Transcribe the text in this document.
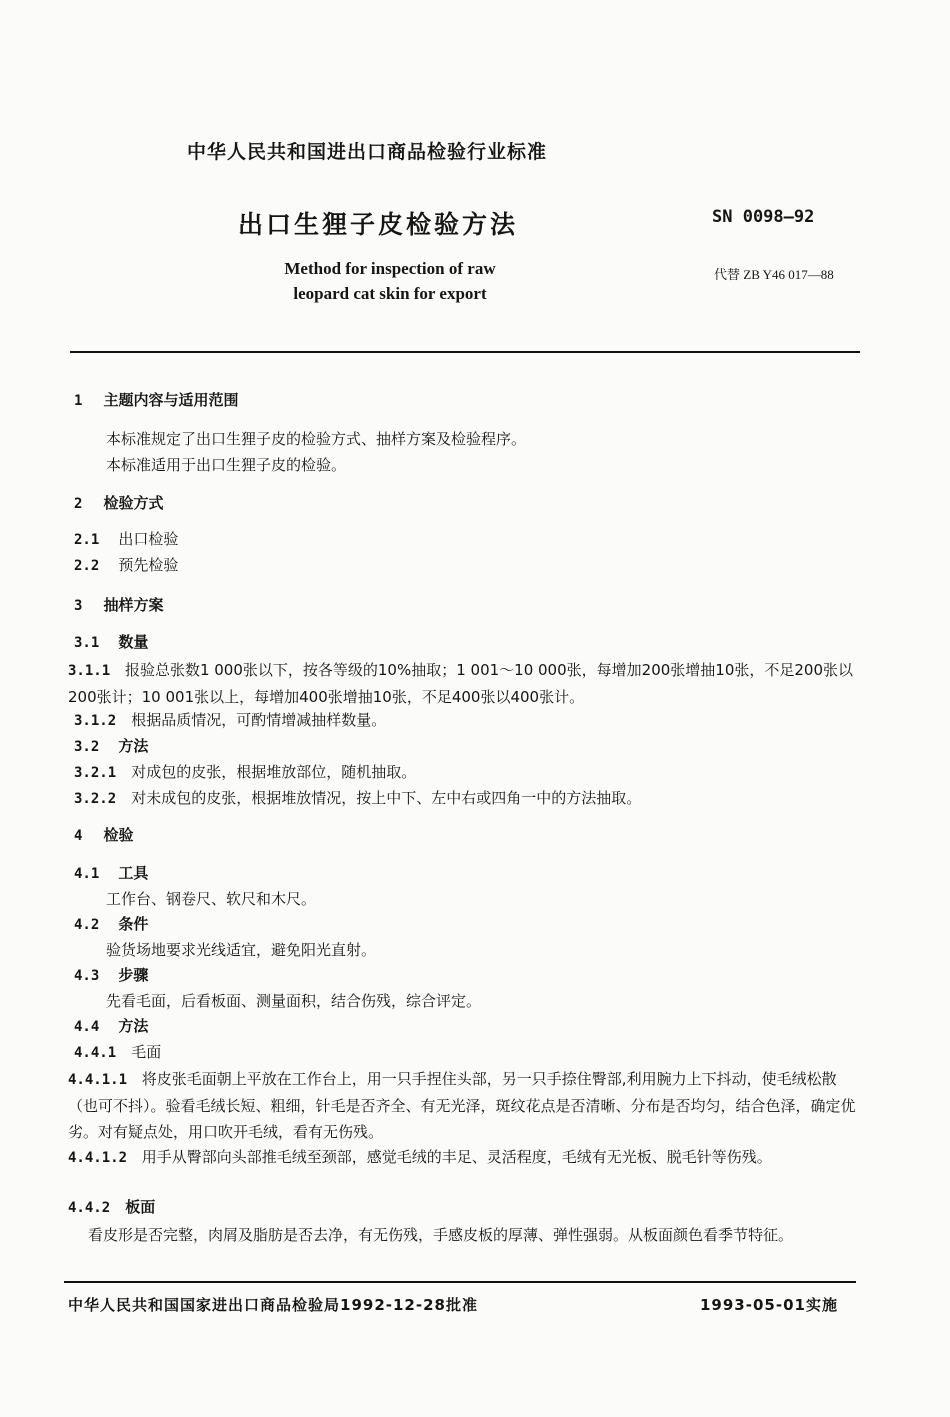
中华人民共和国进出口商品检验行业标准
出口生狸子皮检验方法	SN 0098—92
Method for inspection of raw
leopard cat skin for export
代替 ZB Y46 017—88
1 主题内容与适用范围
本标准规定了出口生狸子皮的检验方式、抽样方案及检验程序。
本标准适用于出口生狸子皮的检验。
2 检验方式
2.1 出口检验
2.2 预先检验
3 抽样方案
3.1 数量
3.1.1 报验总张数1 000张以下，按各等级的10%抽取；1 001～10 000张，每增加200张增抽10张，不足200张以200张计；10 001张以上，每增加400张增抽10张，不足400张以400张计。
3.1.2 根据品质情况，可酌情增减抽样数量。
3.2 方法
3.2.1 对成包的皮张，根据堆放部位，随机抽取。
3.2.2 对未成包的皮张，根据堆放情况，按上中下、左中右或四角一中的方法抽取。
4 检验
4.1 工具
工作台、钢卷尺、软尺和木尺。
4.2 条件
验货场地要求光线适宜，避免阳光直射。
4.3 步骤
先看毛面，后看板面、测量面积，结合伤残，综合评定。
4.4 方法
4.4.1 毛面
4.4.1.1 将皮张毛面朝上平放在工作台上，用一只手捏住头部，另一只手捺住臀部,利用腕力上下抖动，使毛绒松散（也可不抖）。验看毛绒长短、粗细，针毛是否齐全、有无光泽，斑纹花点是否清晰、分布是否均匀，结合色泽，确定优劣。对有疑点处，用口吹开毛绒，看有无伤残。
4.4.1.2 用手从臀部向头部推毛绒至颈部，感觉毛绒的丰足、灵活程度，毛绒有无光板、脱毛针等伤残。
4.4.2 板面
看皮形是否完整，肉屑及脂肪是否去净，有无伤残，手感皮板的厚薄、弹性强弱。从板面颜色看季节特征。
中华人民共和国国家进出口商品检验局1992-12-28批准	1993-05-01实施
